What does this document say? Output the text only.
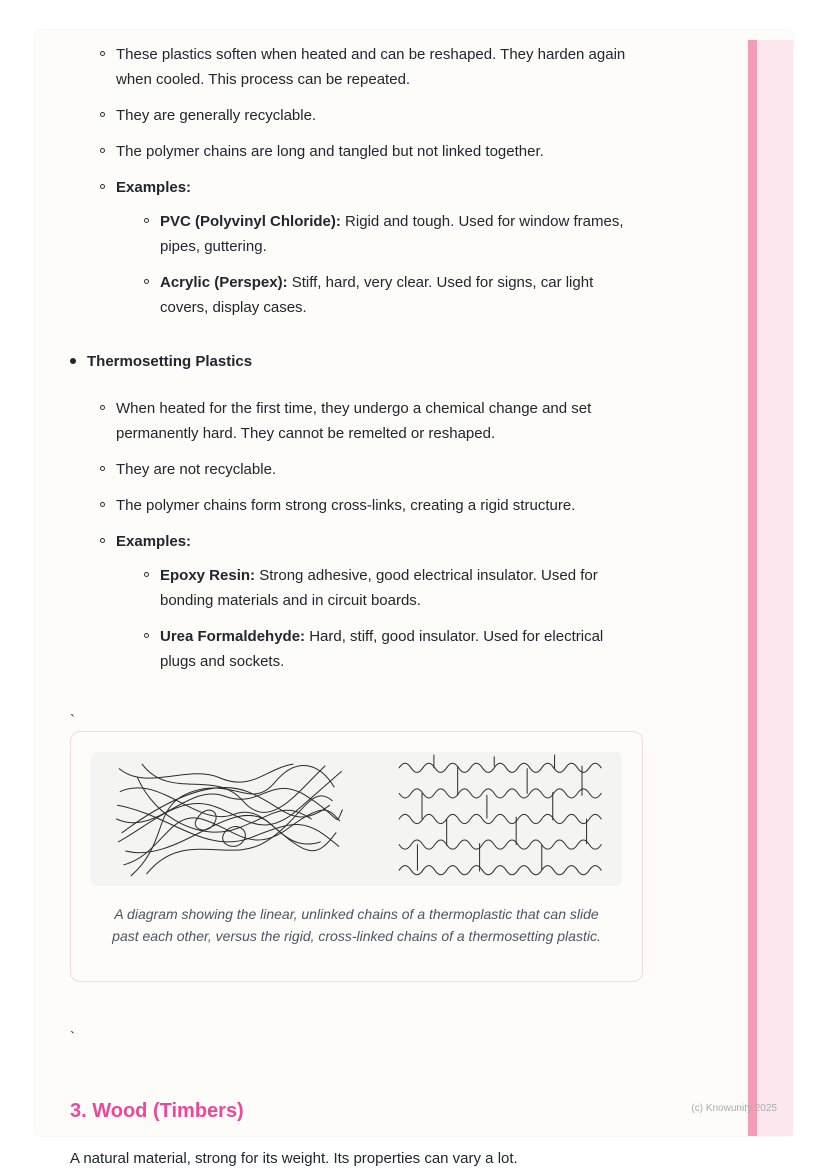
These plastics soften when heated and can be reshaped. They harden again when cooled. This process can be repeated.

They are generally recyclable.

The polymer chains are long and tangled but not linked together.

Examples:

PVC (Polyvinyl Chloride): Rigid and tough. Used for window frames, pipes, guttering.

Acrylic (Perspex): Stiff, hard, very clear. Used for signs, car light covers, display cases.

Thermosetting Plastics

When heated for the first time, they undergo a chemical change and set permanently hard. They cannot be remelted or reshaped.

They are not recyclable.

The polymer chains form strong cross-links, creating a rigid structure.

Examples:

Epoxy Resin: Strong adhesive, good electrical insulator. Used for bonding materials and in circuit boards.

Urea Formaldehyde: Hard, stiff, good insulator. Used for electrical plugs and sockets.

`

A diagram showing the linear, unlinked chains of a thermoplastic that can slide past each other, versus the rigid, cross-linked chains of a thermosetting plastic.

`

3. Wood (Timbers)

A natural material, strong for its weight. Its properties can vary a lot.

(c) Knowunity 2025
